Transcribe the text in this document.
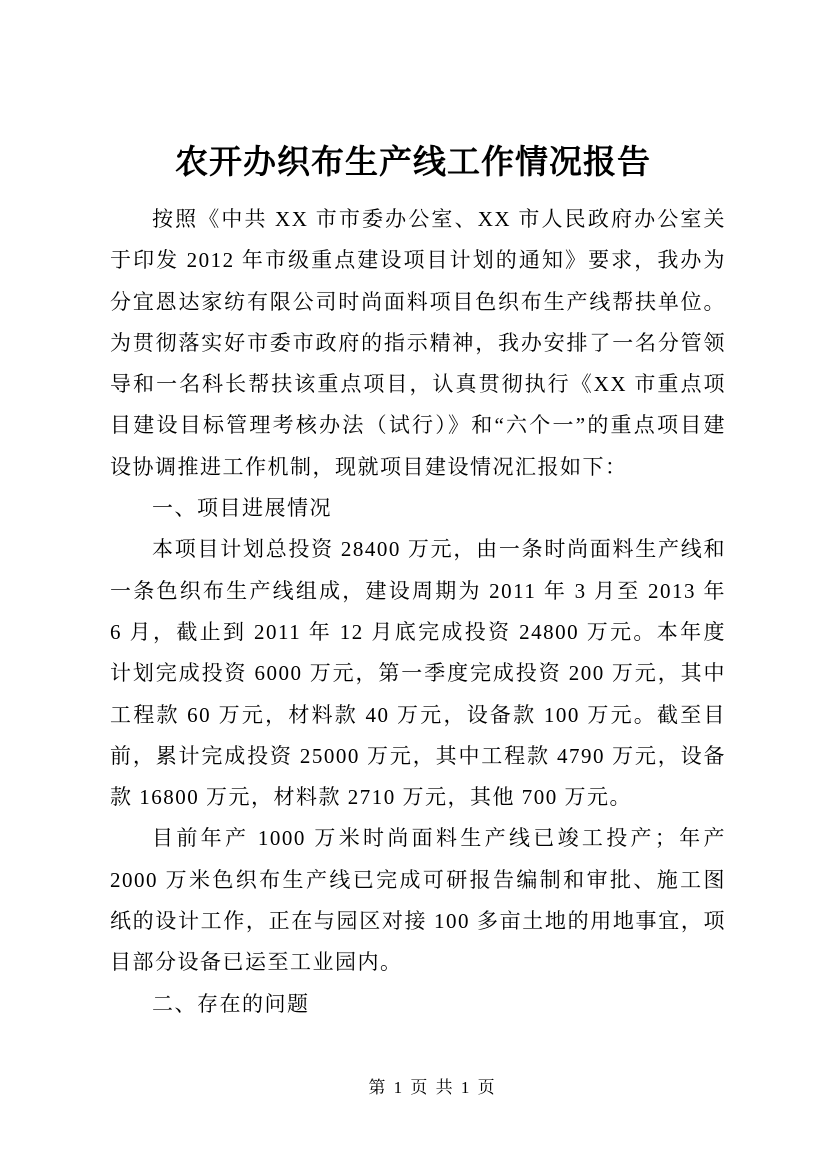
农开办织布生产线工作情况报告

按照《中共 XX 市市委办公室、XX 市人民政府办公室关于印发 2012 年市级重点建设项目计划的通知》要求，我办为分宜恩达家纺有限公司时尚面料项目色织布生产线帮扶单位。为贯彻落实好市委市政府的指示精神，我办安排了一名分管领导和一名科长帮扶该重点项目，认真贯彻执行《XX 市重点项目建设目标管理考核办法（试行）》和“六个一”的重点项目建设协调推进工作机制，现就项目建设情况汇报如下：

一、项目进展情况

本项目计划总投资 28400 万元，由一条时尚面料生产线和一条色织布生产线组成，建设周期为 2011 年 3 月至 2013 年 6 月，截止到 2011 年 12 月底完成投资 24800 万元。本年度计划完成投资 6000 万元，第一季度完成投资 200 万元，其中工程款 60 万元，材料款 40 万元，设备款 100 万元。截至目前，累计完成投资 25000 万元，其中工程款 4790 万元，设备款 16800 万元，材料款 2710 万元，其他 700 万元。

目前年产 1000 万米时尚面料生产线已竣工投产；年产 2000 万米色织布生产线已完成可研报告编制和审批、施工图纸的设计工作，正在与园区对接 100 多亩土地的用地事宜，项目部分设备已运至工业园内。

二、存在的问题

第 1 页 共 1 页
